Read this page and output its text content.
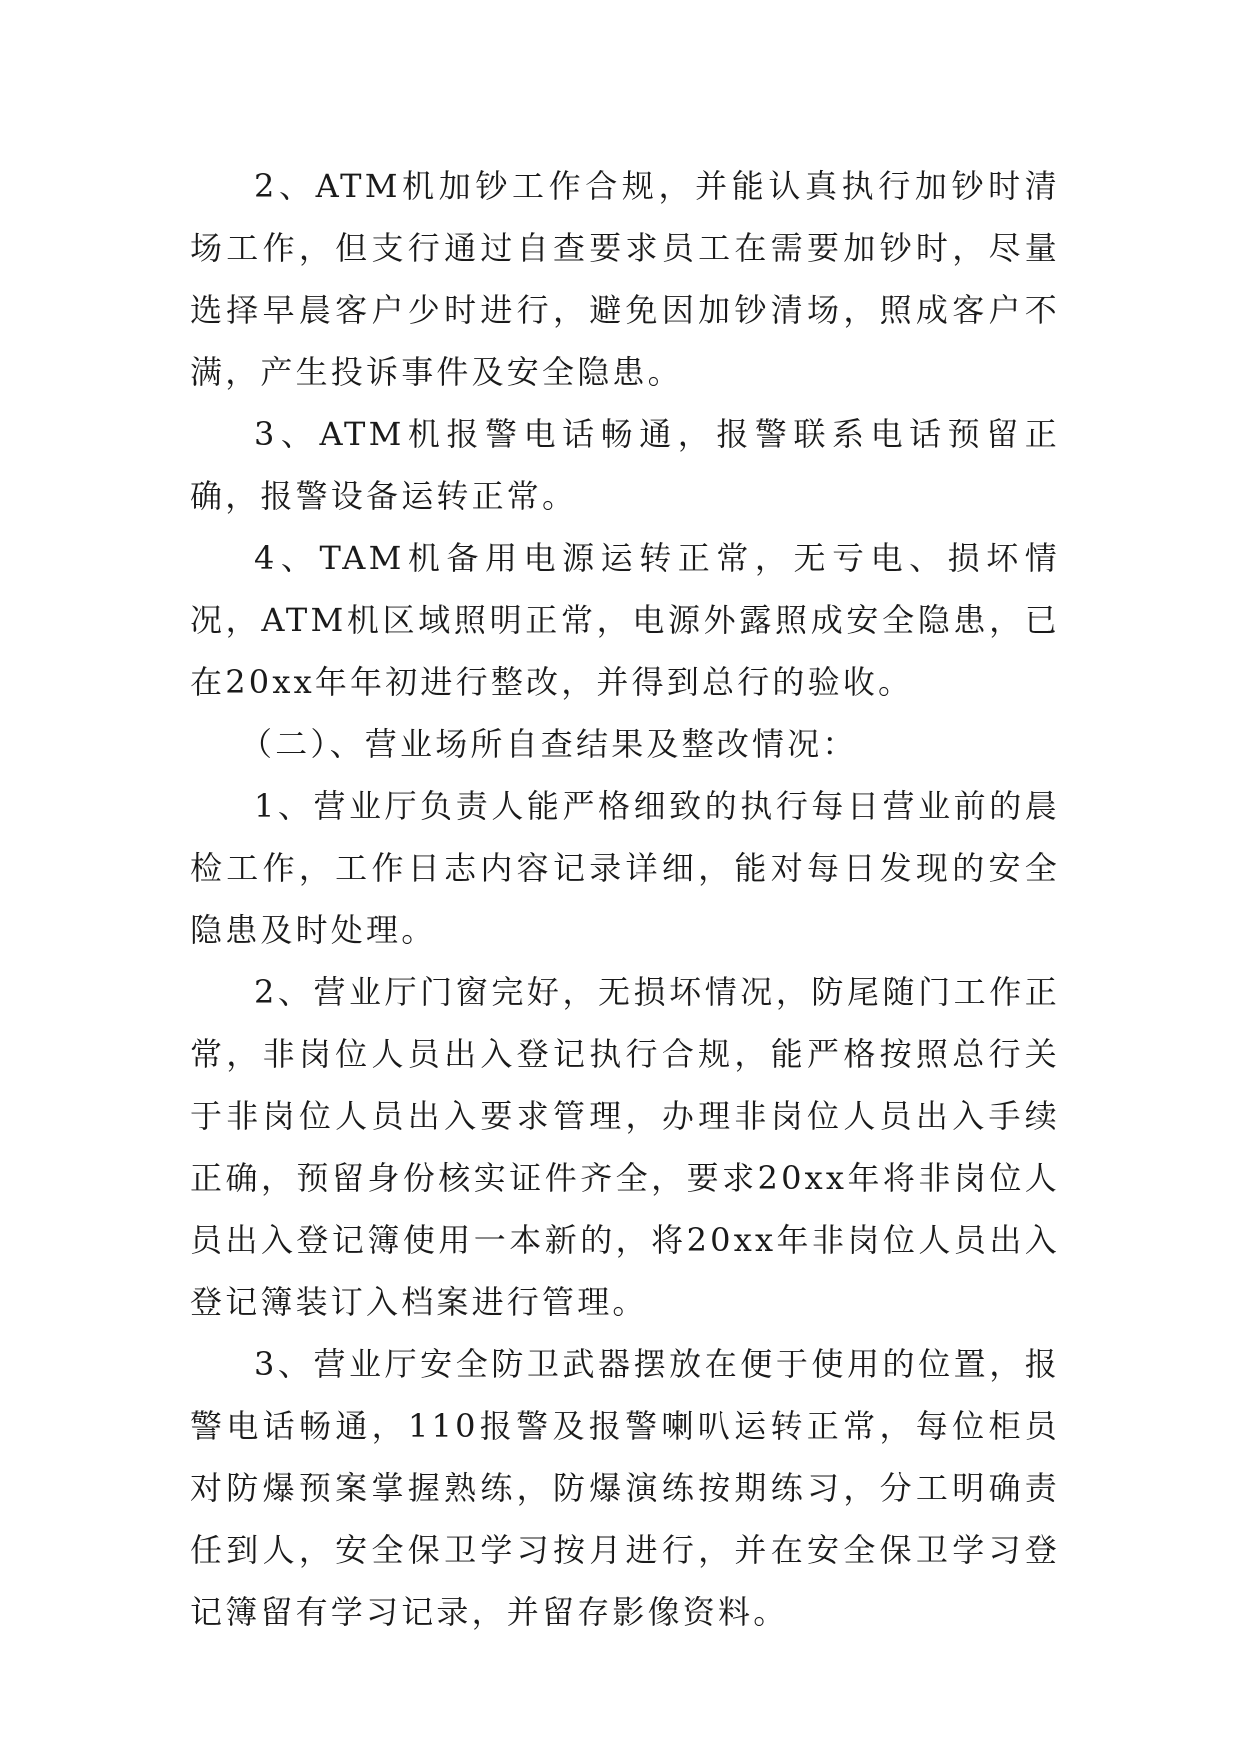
2、ATM机加钞工作合规，并能认真执行加钞时清场工作，但支行通过自查要求员工在需要加钞时，尽量选择早晨客户少时进行，避免因加钞清场，照成客户不满，产生投诉事件及安全隐患。

3、ATM机报警电话畅通，报警联系电话预留正确，报警设备运转正常。

4、TAM机备用电源运转正常，无亏电、损坏情况，ATM机区域照明正常，电源外露照成安全隐患，已在20xx年年初进行整改，并得到总行的验收。

（二）、营业场所自查结果及整改情况：

1、营业厅负责人能严格细致的执行每日营业前的晨检工作，工作日志内容记录详细，能对每日发现的安全隐患及时处理。

2、营业厅门窗完好，无损坏情况，防尾随门工作正常，非岗位人员出入登记执行合规，能严格按照总行关于非岗位人员出入要求管理，办理非岗位人员出入手续正确，预留身份核实证件齐全，要求20xx年将非岗位人员出入登记簿使用一本新的，将20xx年非岗位人员出入登记簿装订入档案进行管理。

3、营业厅安全防卫武器摆放在便于使用的位置，报警电话畅通，110报警及报警喇叭运转正常，每位柜员对防爆预案掌握熟练，防爆演练按期练习，分工明确责任到人，安全保卫学习按月进行，并在安全保卫学习登记簿留有学习记录，并留存影像资料。
